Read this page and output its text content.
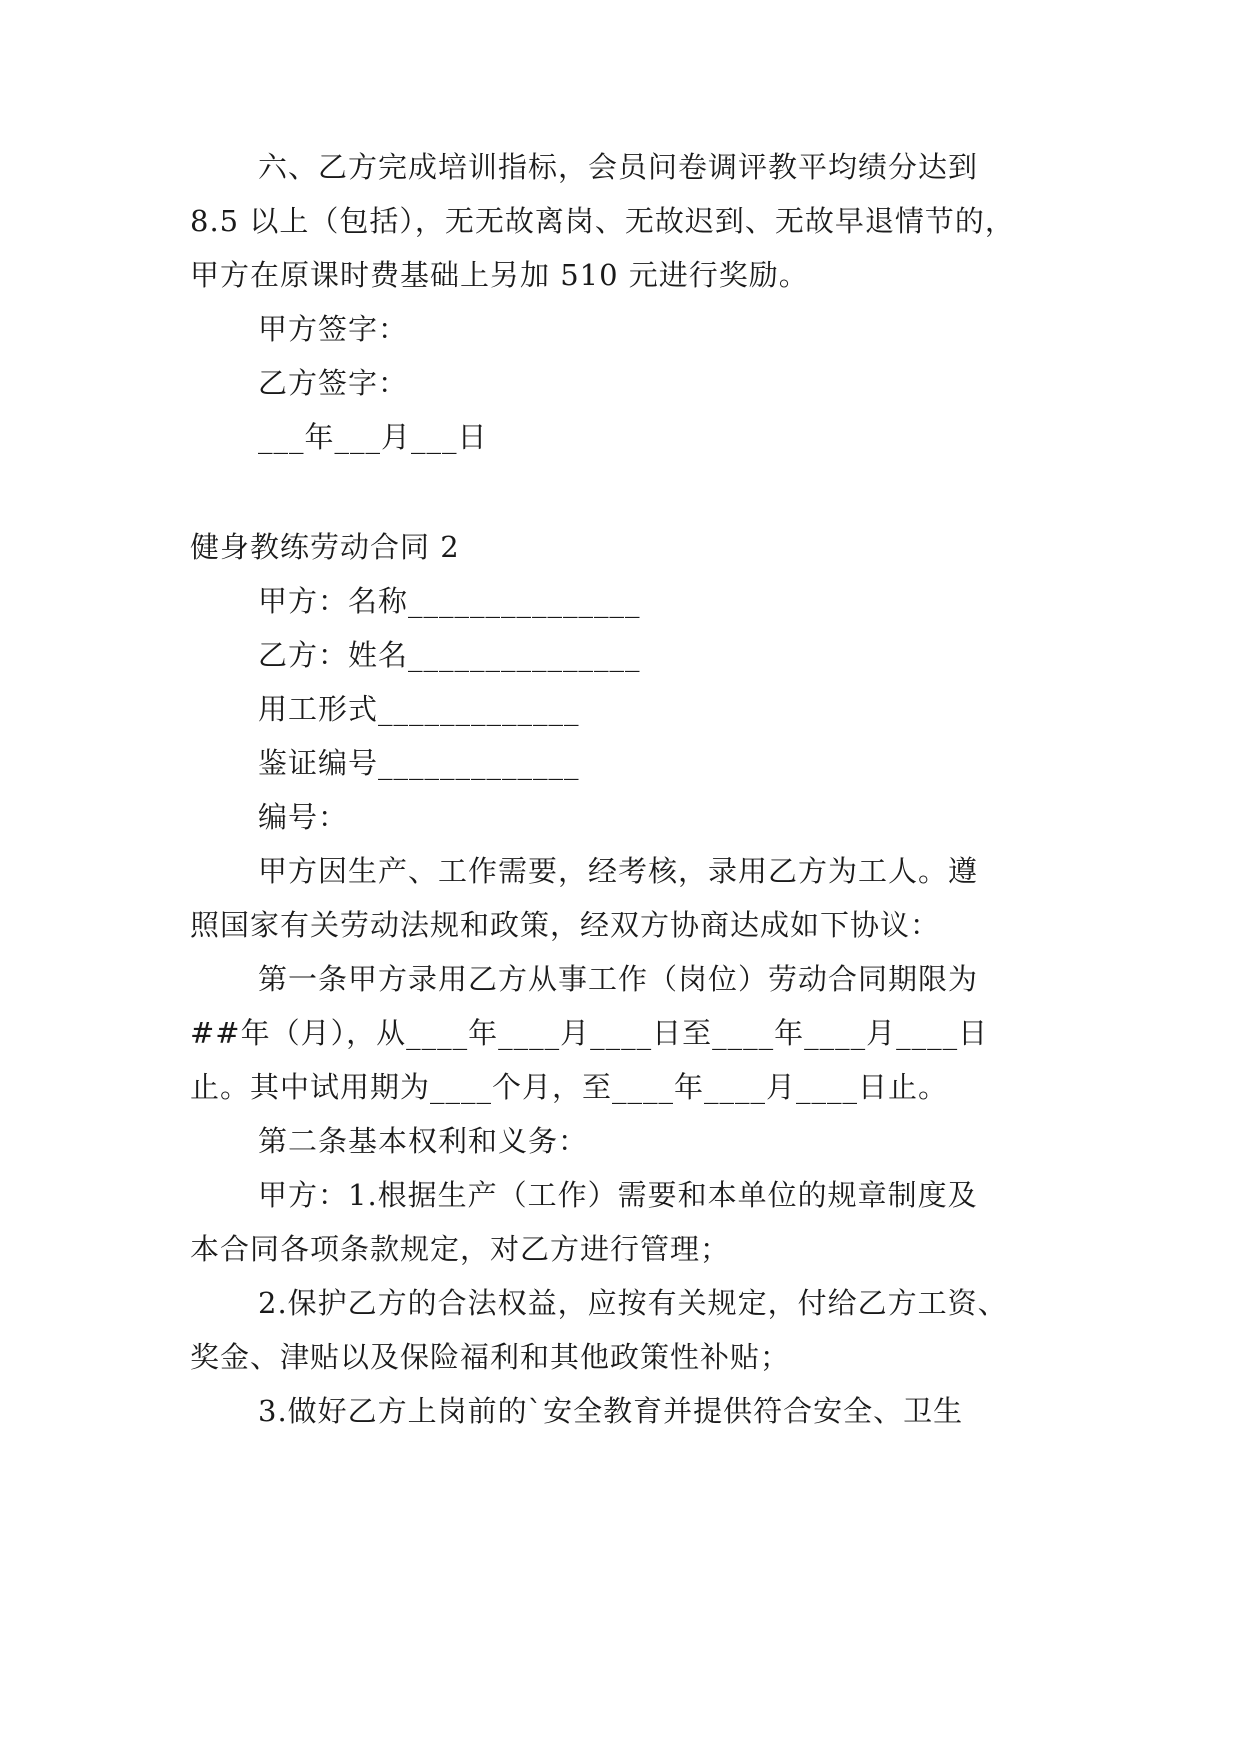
六、乙方完成培训指标，会员问卷调评教平均绩分达到
8.5 以上（包括），无无故离岗、无故迟到、无故早退情节的，
甲方在原课时费基础上另加 510 元进行奖励。
甲方签字：
乙方签字：
___年___月___日
健身教练劳动合同 2
甲方：名称_______________
乙方：姓名_______________
用工形式_____________
鉴证编号_____________
编号：
甲方因生产、工作需要，经考核，录用乙方为工人。遵
照国家有关劳动法规和政策，经双方协商达成如下协议：
第一条甲方录用乙方从事工作（岗位）劳动合同期限为
##年（月），从____年____月____日至____年____月____日
止。其中试用期为____个月，至____年____月____日止。
第二条基本权利和义务：
甲方：1.根据生产（工作）需要和本单位的规章制度及
本合同各项条款规定，对乙方进行管理；
2.保护乙方的合法权益，应按有关规定，付给乙方工资、
奖金、津贴以及保险福利和其他政策性补贴；
3.做好乙方上岗前的`安全教育并提供符合安全、卫生
